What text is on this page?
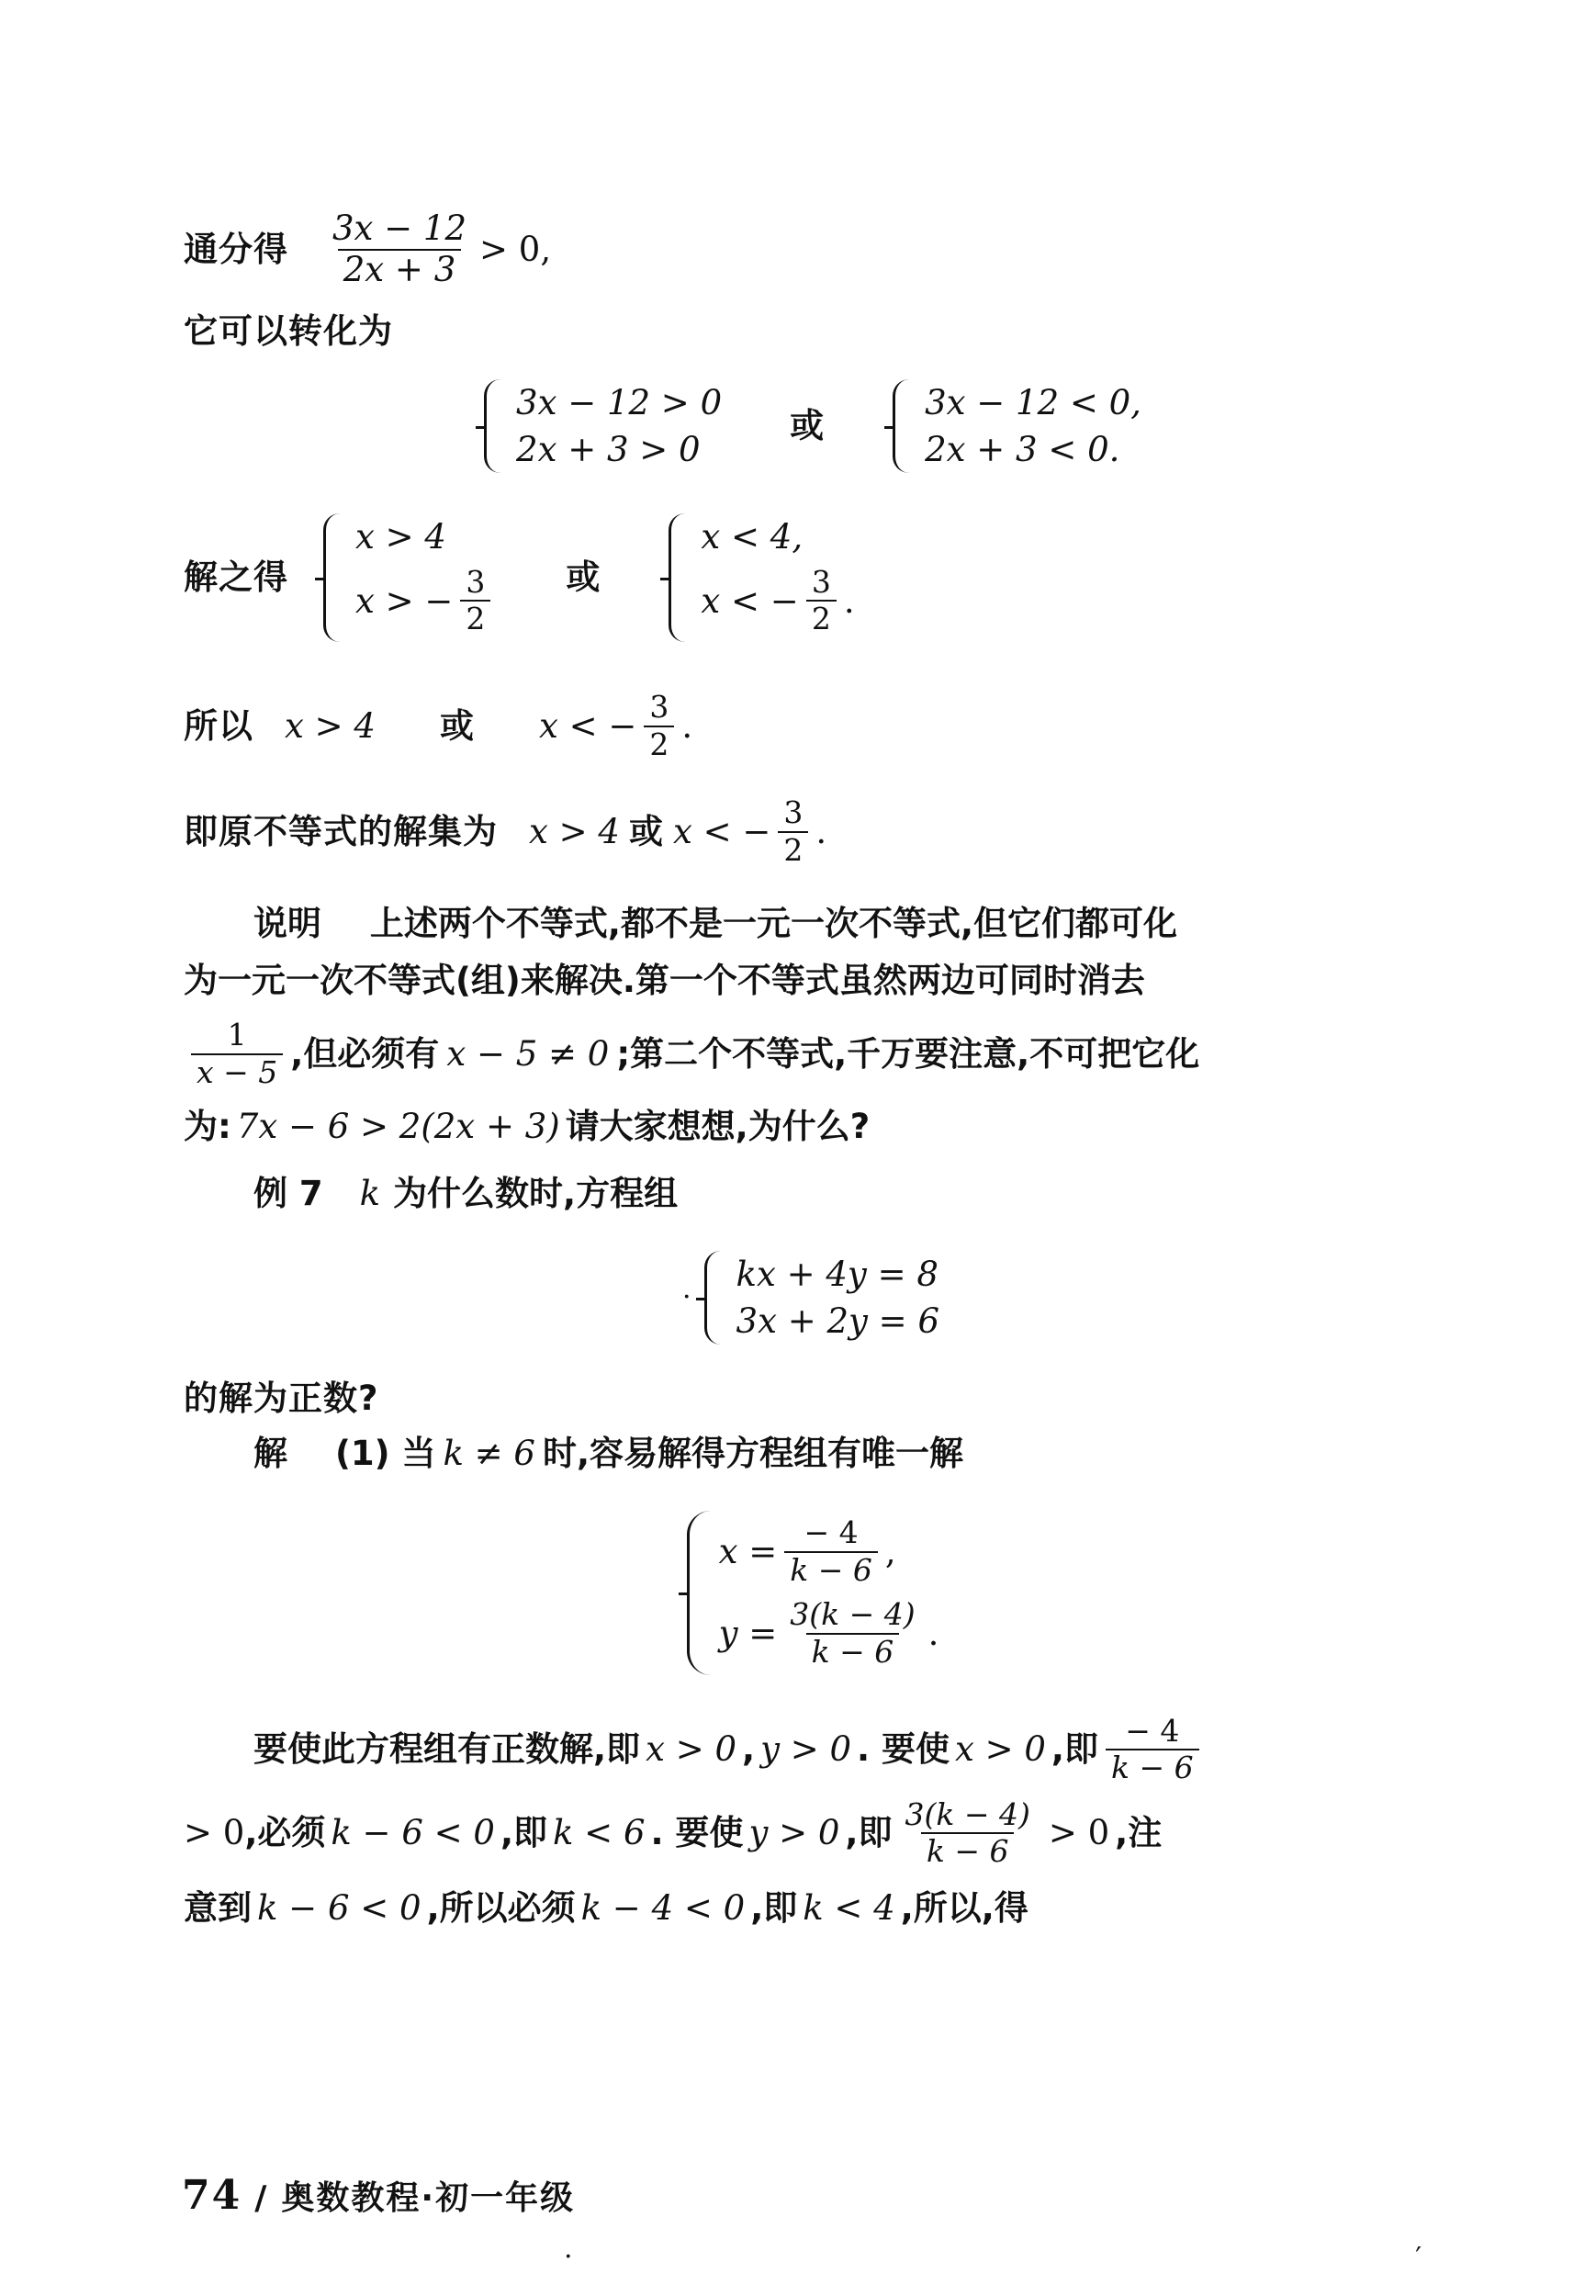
通分得 $\frac{3x - 12}{2x + 3} > 0$,
它可以转化为
3x − 12 > 0
2x + 3 > 0
或
3x − 12 < 0,
2x + 3 < 0.
解之得
x > 4
x > − $\frac{3}{2}$ 或
x < 4,
x < − $\frac{3}{2}$ .
所以 x > 4 或 x < − $\frac{3}{2}$ .
即原不等式的解集为 x > 4 或 x < − $\frac{3}{2}$ .
说明 上述两个不等式,都不是一元一次不等式,但它们都可化
为一元一次不等式(组)来解决.第一个不等式虽然两边可同时消去
$\frac{1}{x - 5}$ ,但必须有 x − 5 ≠ 0 ;第二个不等式,千万要注意,不可把它化
为: 7x − 6 > 2(2x + 3) 请大家想想,为什么?
例 7 k 为什么数时,方程组
·
kx + 4y = 8
3x + 2y = 6
的解为正数?
解 (1) 当 k ≠ 6 时,容易解得方程组有唯一解
$x = \frac{- 4}{k - 6}$ ,
$y = \frac{3(k - 4)}{k - 6}$ .
要使此方程组有正数解,即 x > 0 , y > 0 . 要使 x > 0 ,即 $\frac{- 4}{k - 6}$
> 0 ,必须 k − 6 < 0 ,即 k < 6 . 要使 y > 0 ,即 $\frac{3(k - 4)}{k - 6} > 0$ ,注
意到 k − 6 < 0 ,所以必须 k − 4 < 0 ,即 k < 4 ,所以,得
74 / 奥数教程·初一年级
.	′
